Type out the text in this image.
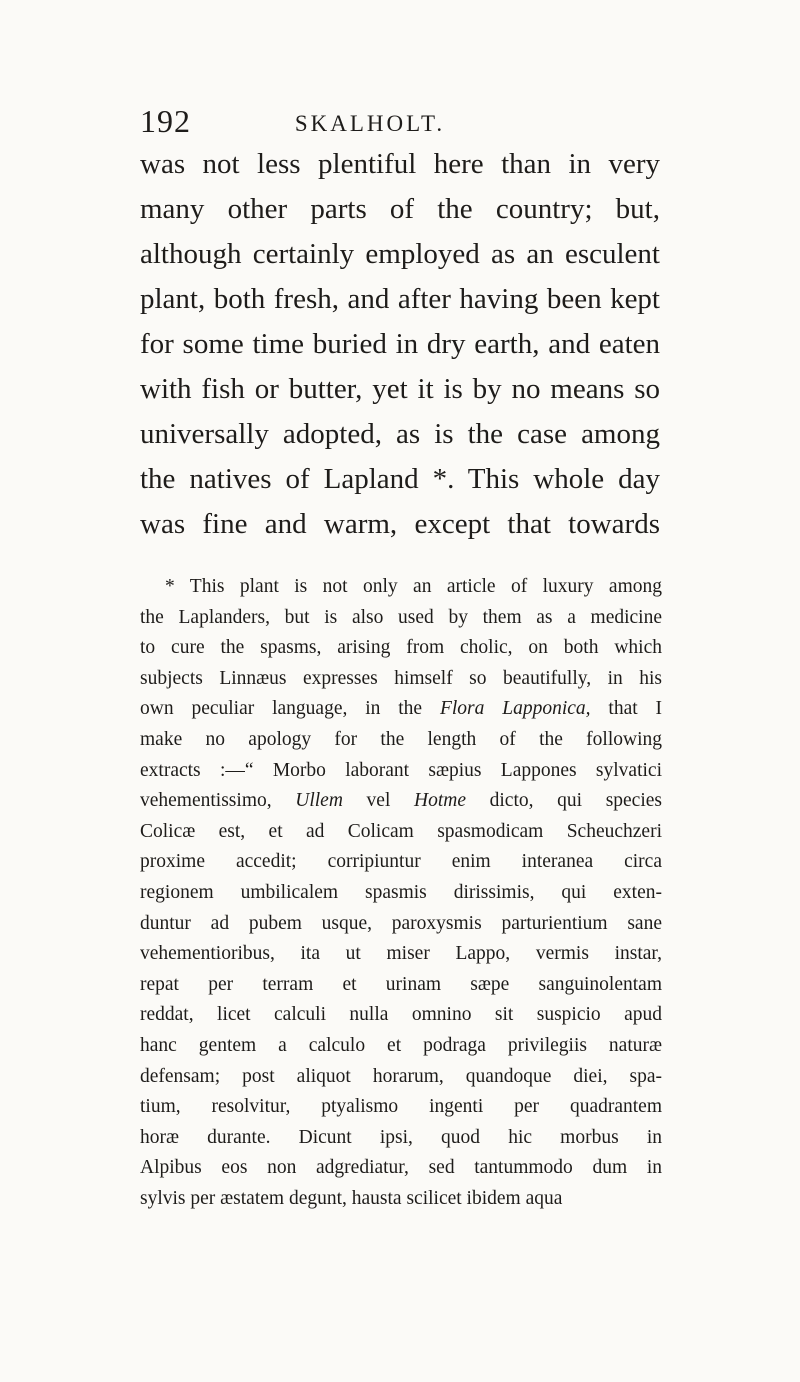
192	SKALHOLT.
was not less plentiful here than in very
many other parts of the country; but,
although certainly employed as an esculent
plant, both fresh, and after having been kept
for some time buried in dry earth, and eaten
with fish or butter, yet it is by no means so
universally adopted, as is the case among
the natives of Lapland *. This whole day
was fine and warm, except that towards
* This plant is not only an article of luxury among
the Laplanders, but is also used by them as a medicine
to cure the spasms, arising from cholic, on both which
subjects Linnæus expresses himself so beautifully, in his
own peculiar language, in the Flora Lapponica, that I
make no apology for the length of the following
extracts :—“ Morbo laborant sæpius Lappones sylvatici
vehementissimo, Ullem vel Hotme dicto, qui species
Colicæ est, et ad Colicam spasmodicam Scheuchzeri
proxime accedit; corripiuntur enim interanea circa
regionem umbilicalem spasmis dirissimis, qui exten-
duntur ad pubem usque, paroxysmis parturientium sane
vehementioribus, ita ut miser Lappo, vermis instar,
repat per terram et urinam sæpe sanguinolentam
reddat, licet calculi nulla omnino sit suspicio apud
hanc gentem a calculo et podraga privilegiis naturæ
defensam; post aliquot horarum, quandoque diei, spa-
tium, resolvitur, ptyalismo ingenti per quadrantem
horæ durante. Dicunt ipsi, quod hic morbus in
Alpibus eos non adgrediatur, sed tantummodo dum in
sylvis per æstatem degunt, hausta scilicet ibidem aqua
